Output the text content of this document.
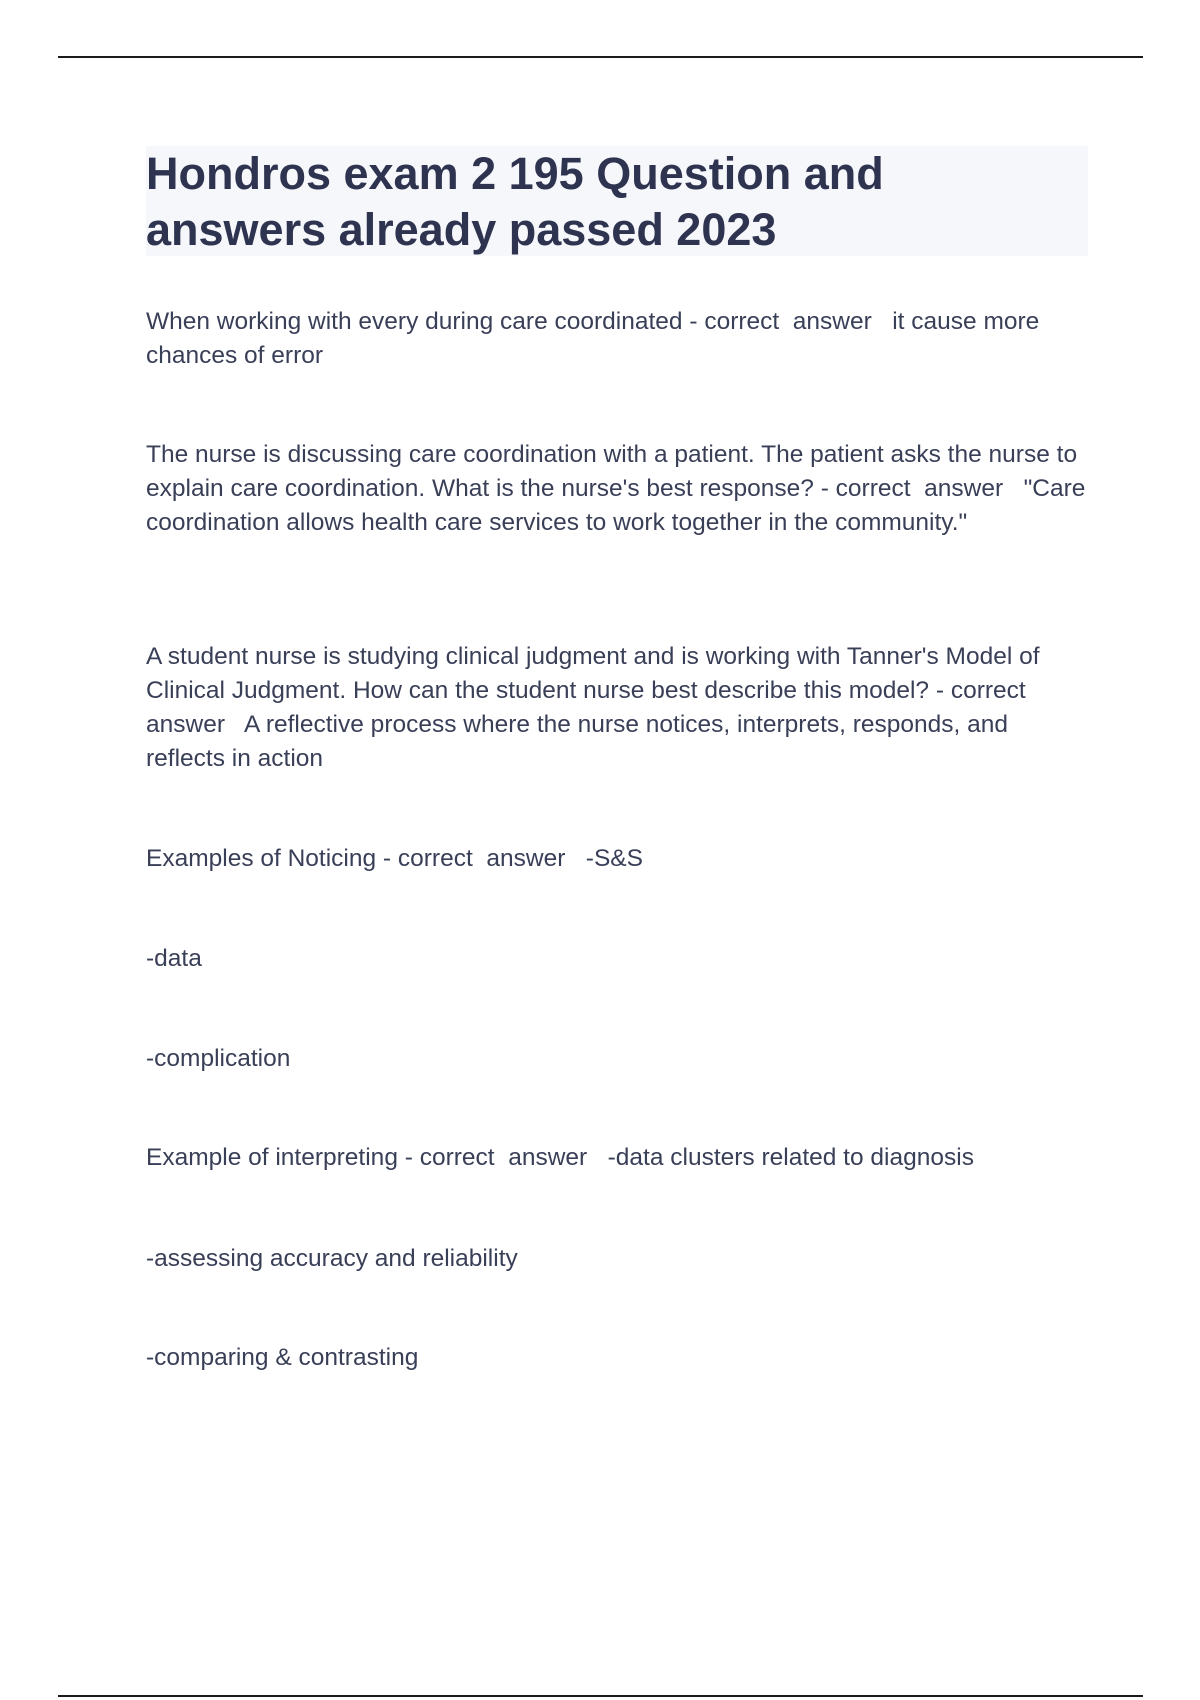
Hondros exam 2 195 Question and
answers already passed 2023

When working with every during care coordinated - correct  answer   it cause more chances of error

The nurse is discussing care coordination with a patient. The patient asks the nurse to explain care coordination. What is the nurse's best response? - correct  answer   "Care coordination allows health care services to work together in the community."

A student nurse is studying clinical judgment and is working with Tanner's Model of Clinical Judgment. How can the student nurse best describe this model? - correct  answer   A reflective process where the nurse notices, interprets, responds, and reflects in action

Examples of Noticing - correct  answer   -S&S

-data

-complication

Example of interpreting - correct  answer   -data clusters related to diagnosis

-assessing accuracy and reliability

-comparing & contrasting
